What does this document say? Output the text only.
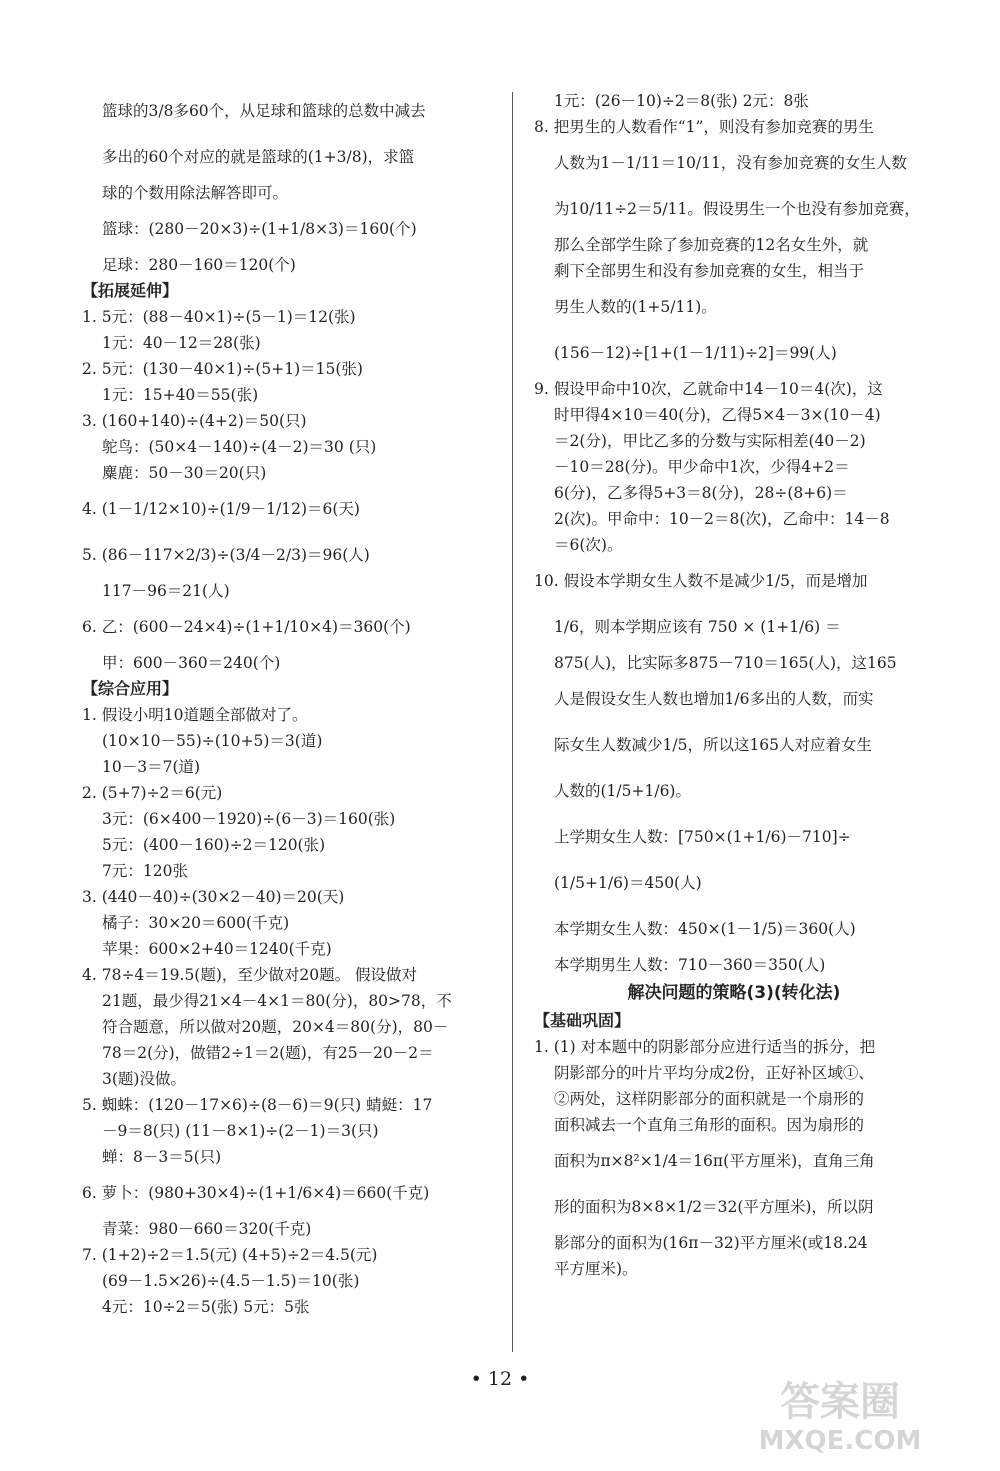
篮球的3/8多60个，从足球和篮球的总数中减去
多出的60个对应的就是篮球的(1+3/8)，求篮
球的个数用除法解答即可。
篮球：(280－20×3)÷(1+1/8×3)＝160(个)
足球：280－160＝120(个)
【拓展延伸】
1. 5元：(88－40×1)÷(5－1)＝12(张)
1元：40－12＝28(张)
2. 5元：(130－40×1)÷(5+1)＝15(张)
1元：15+40＝55(张)
3. (160+140)÷(4+2)＝50(只)
鸵鸟：(50×4－140)÷(4－2)＝30 (只)
麋鹿：50－30＝20(只)
4. (1－1/12×10)÷(1/9－1/12)＝6(天)
5. (86－117×2/3)÷(3/4－2/3)＝96(人)
117－96＝21(人)
6. 乙：(600－24×4)÷(1+1/10×4)＝360(个)
甲：600－360＝240(个)
【综合应用】
1. 假设小明10道题全部做对了。
(10×10－55)÷(10+5)＝3(道)
10－3＝7(道)
2. (5+7)÷2＝6(元)
3元：(6×400－1920)÷(6－3)＝160(张)
5元：(400－160)÷2＝120(张)
7元：120张
3. (440－40)÷(30×2－40)＝20(天)
橘子：30×20＝600(千克)
苹果：600×2+40＝1240(千克)
4. 78÷4＝19.5(题)，至少做对20题。 假设做对
21题，最少得21×4－4×1＝80(分)，80>78，不
符合题意，所以做对20题，20×4＝80(分)，80－
78＝2(分)，做错2÷1＝2(题)，有25－20－2＝
3(题)没做。
5. 蜘蛛：(120－17×6)÷(8－6)＝9(只) 蜻蜓：17
－9＝8(只) (11－8×1)÷(2－1)＝3(只)
蝉：8－3＝5(只)
6. 萝卜：(980+30×4)÷(1+1/6×4)＝660(千克)
青菜：980－660＝320(千克)
7. (1+2)÷2＝1.5(元) (4+5)÷2＝4.5(元)
(69－1.5×26)÷(4.5－1.5)＝10(张)
4元：10÷2＝5(张) 5元：5张
1元：(26－10)÷2＝8(张) 2元：8张
8. 把男生的人数看作“1”，则没有参加竞赛的男生
人数为1－1/11＝10/11，没有参加竞赛的女生人数
为10/11÷2＝5/11。假设男生一个也没有参加竞赛，
那么全部学生除了参加竞赛的12名女生外，就
剩下全部男生和没有参加竞赛的女生，相当于
男生人数的(1+5/11)。
(156－12)÷[1+(1－1/11)÷2]＝99(人)
9. 假设甲命中10次，乙就命中14－10＝4(次)，这
时甲得4×10＝40(分)，乙得5×4－3×(10－4)
＝2(分)，甲比乙多的分数与实际相差(40－2)
－10＝28(分)。甲少命中1次，少得4+2＝
6(分)，乙多得5+3＝8(分)，28÷(8+6)＝
2(次)。甲命中：10－2＝8(次)，乙命中：14－8
＝6(次)。
10. 假设本学期女生人数不是减少1/5，而是增加
1/6，则本学期应该有 750 × (1+1/6) ＝
875(人)，比实际多875－710＝165(人)，这165
人是假设女生人数也增加1/6多出的人数，而实
际女生人数减少1/5，所以这165人对应着女生
人数的(1/5+1/6)。
上学期女生人数：[750×(1+1/6)－710]÷
(1/5+1/6)＝450(人)
本学期女生人数：450×(1－1/5)＝360(人)
本学期男生人数：710－360＝350(人)
解决问题的策略(3)(转化法)
【基础巩固】
1. (1) 对本题中的阴影部分应进行适当的拆分，把
阴影部分的叶片平均分成2份，正好补区域①、
②两处，这样阴影部分的面积就是一个扇形的
面积减去一个直角三角形的面积。因为扇形的
面积为π×8²×1/4＝16π(平方厘米)，直角三角
形的面积为8×8×1/2＝32(平方厘米)，所以阴
影部分的面积为(16π－32)平方厘米(或18.24
平方厘米)。
• 12 •	答案圈
MXQE.COM
